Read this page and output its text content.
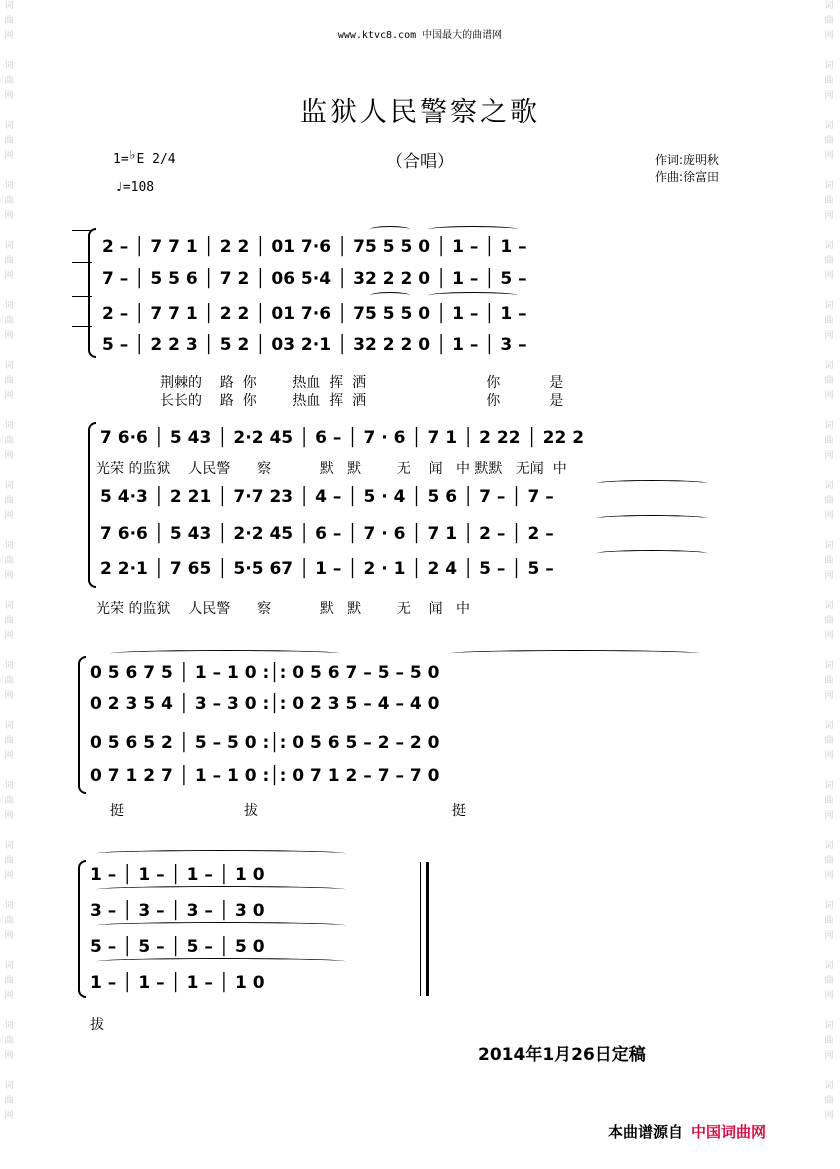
词
曲
网
词
曲
网
词
曲
网
词
曲
网
词
曲
网
词
曲
网
词
曲
网
词
曲
网
词
曲
网
词
曲
网
词
曲
网
词
曲
网
词
曲
网
词
曲
网
词
曲
网
词
曲
网
词
曲
网
词
曲
网
词
曲
网
词
曲
网
词
曲
网
词
曲
网
词
曲
网
词
曲
网
词
曲
网
词
曲
网
词
曲
网
词
曲
网
词
曲
网
词
曲
网
词
曲
网
词
曲
网
词
曲
网
词
曲
网
词
曲
网
词
曲
网
词
曲
网
词
曲
网
www.ktvc8.com 中国最大的曲谱网
监狱人民警察之歌
（合唱）
1=♭E 2/4
♩=108
作词:庞明秋
作曲:徐富田
2 – │ 7 7 1 │ 2 2 │ 01 7·6 │ 75 5 5 0 │ 1 – │ 1 –
7 – │ 5 5 6 │ 7 2 │ 06 5·4 │ 32 2 2 0 │ 1 – │ 5 –
2 – │ 7 7 1 │ 2 2 │ 01 7·6 │ 75 5 5 0 │ 1 – │ 1 –
5 – │ 2 2 3 │ 5 2 │ 03 2·1 │ 32 2 2 0 │ 1 – │ 3 –
荆棘的    路  你        热血  挥  洒                           你           是
长长的    路  你        热血  挥  洒                           你           是
7 6·6 │ 5 43 │ 2·2 45 │ 6 – │ 7 · 6 │ 7 1 │ 2 22 │ 22 2
光荣 的监狱    人民警      察           默   默        无    闻   中 默默   无闻  中
5 4·3 │ 2 21 │ 7·7 23 │ 4 – │ 5 · 4 │ 5 6 │ 7 – │ 7 –
7 6·6 │ 5 43 │ 2·2 45 │ 6 – │ 7 · 6 │ 7 1 │ 2 – │ 2 –
2 2·1 │ 7 65 │ 5·5 67 │ 1 – │ 2 · 1 │ 2 4 │ 5 – │ 5 –
光荣 的监狱    人民警      察           默   默        无    闻   中
0 5 6 7 5 │ 1 – 1 0 :│: 0 5 6 7 – 5 – 5 0
0 2 3 5 4 │ 3 – 3 0 :│: 0 2 3 5 – 4 – 4 0
0 5 6 5 2 │ 5 – 5 0 :│: 0 5 6 5 – 2 – 2 0
0 7 1 2 7 │ 1 – 1 0 :│: 0 7 1 2 – 7 – 7 0
挺	拔	挺
1 – │ 1 – │ 1 – │ 1 0
3 – │ 3 – │ 3 – │ 3 0
5 – │ 5 – │ 5 – │ 5 0
1 – │ 1 – │ 1 – │ 1 0
拔
2014年1月26日定稿
本曲谱源自 中国词曲网
